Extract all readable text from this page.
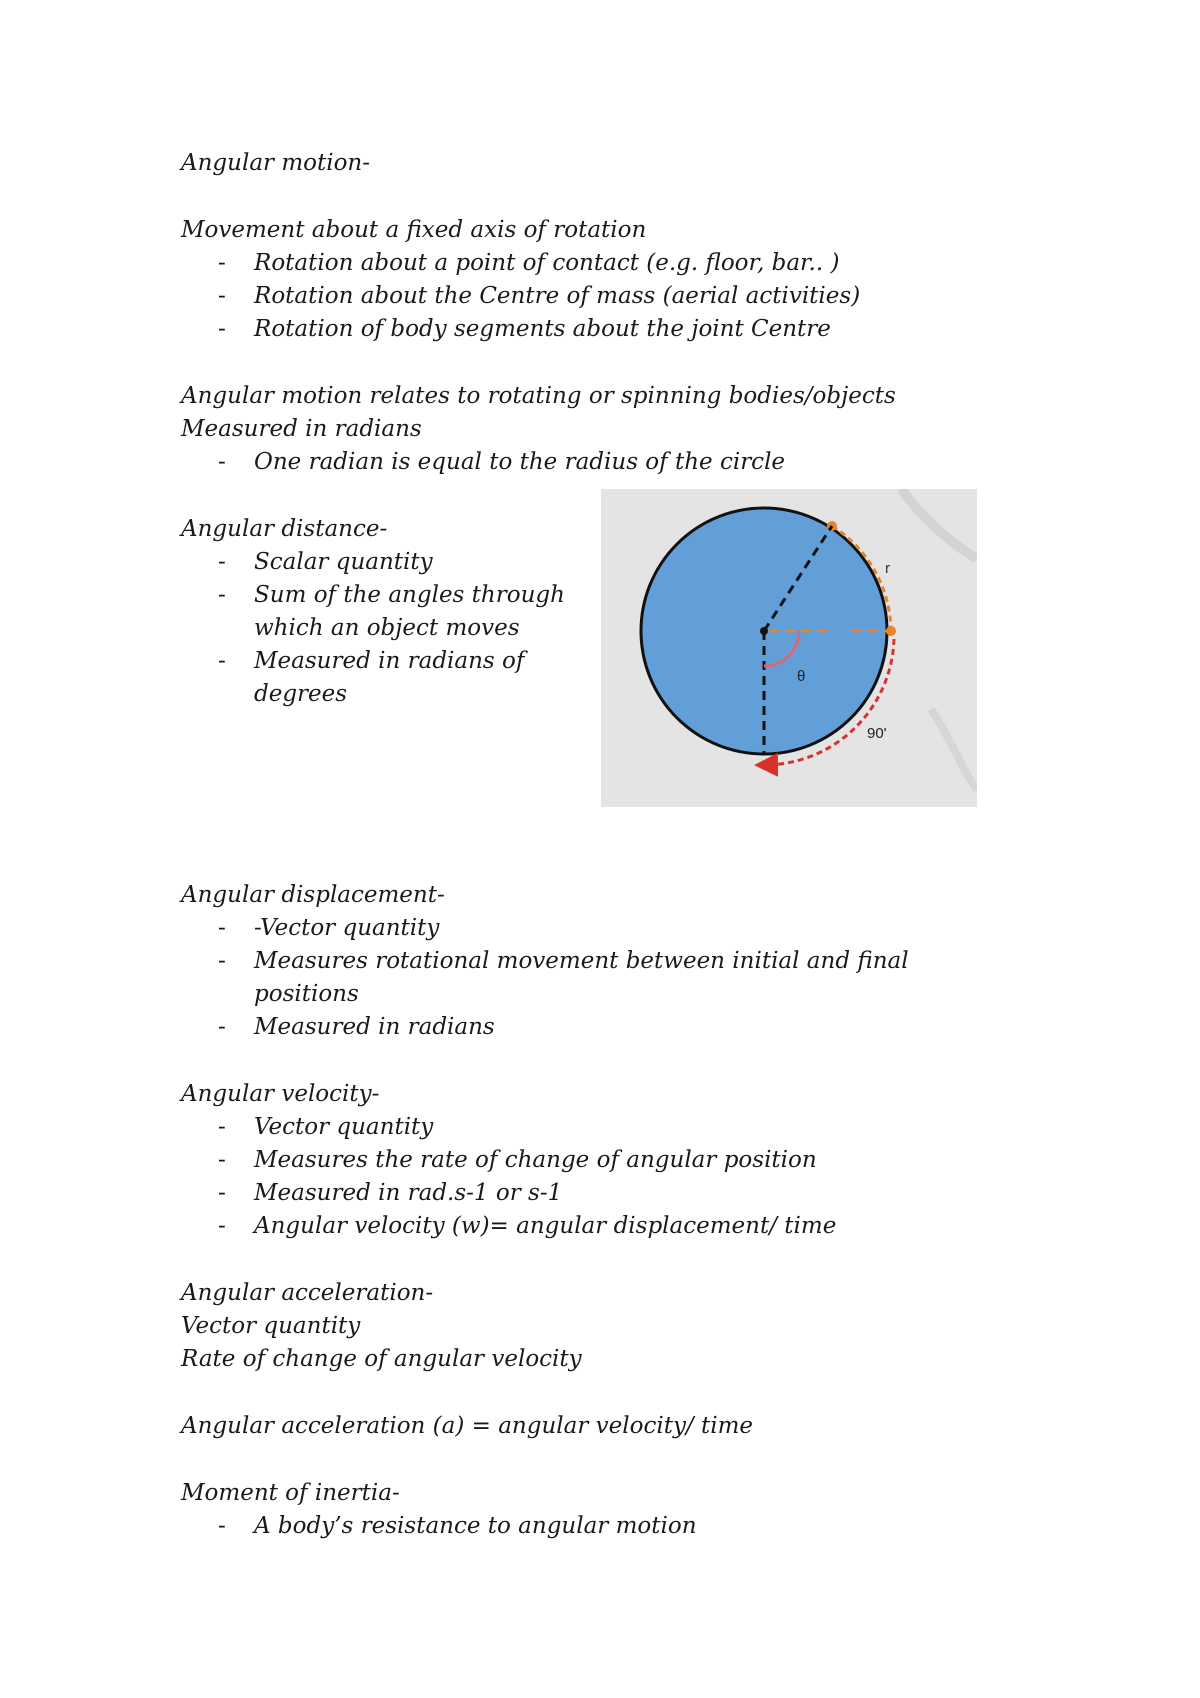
Angular motion-
Movement about a fixed axis of rotation
- Rotation about a point of contact (e.g. floor, bar.. )
- Rotation about the Centre of mass (aerial activities)
- Rotation of body segments about the joint Centre
Angular motion relates to rotating or spinning bodies/objects
Measured in radians
- One radian is equal to the radius of the circle
Angular distance-
- Scalar quantity
- Sum of the angles through
which an object moves
- Measured in radians of
degrees
r
θ
90'
Angular displacement-
- -Vector quantity
- Measures rotational movement between initial and final
positions
- Measured in radians
Angular velocity-
- Vector quantity
- Measures the rate of change of angular position
- Measured in rad.s-1 or s-1
- Angular velocity (w)= angular displacement/ time
Angular acceleration-
Vector quantity
Rate of change of angular velocity
Angular acceleration (a) = angular velocity/ time
Moment of inertia-
- A body’s resistance to angular motion
